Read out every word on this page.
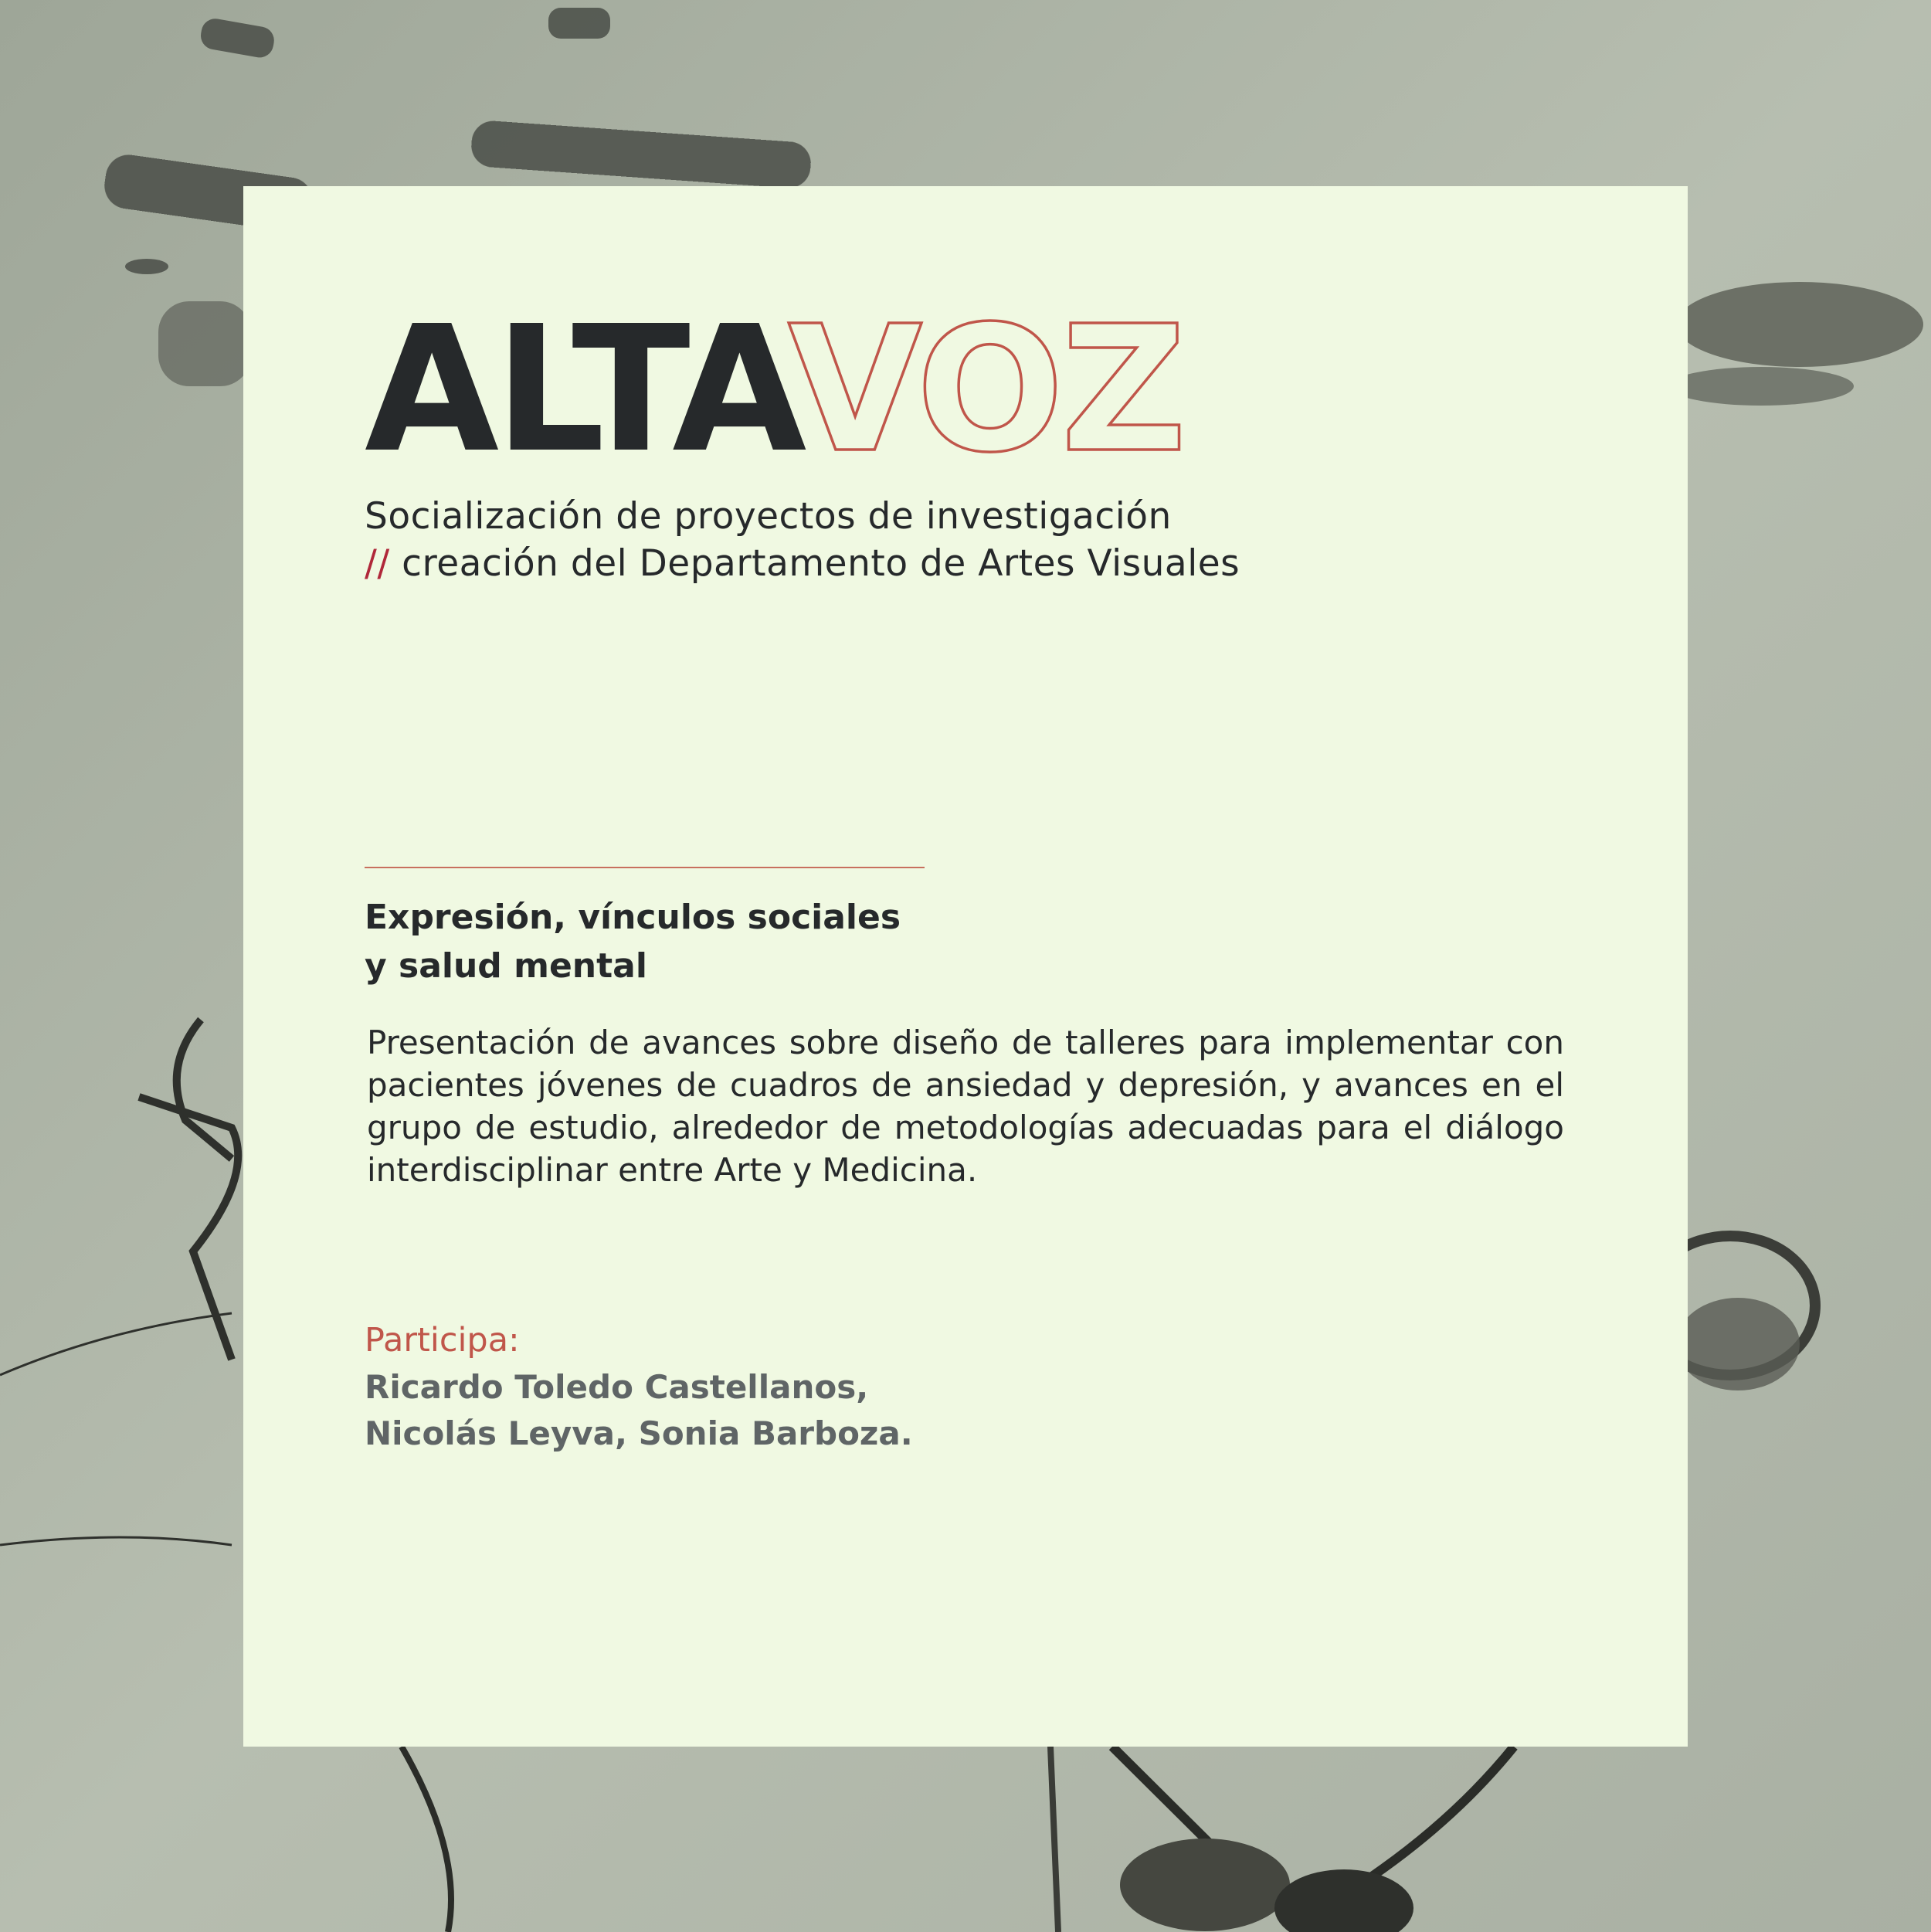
ALTA
VOZ
Socialización de proyectos de investigación
// creación del Departamento de Artes Visuales
Expresión, vínculos sociales
y salud mental
Presentación de avances sobre diseño de talleres para implementar con pacientes jóvenes de cuadros de ansiedad y depresión, y avances en el grupo de estudio, alrededor de metodologías adecuadas para el diálogo interdisciplinar entre Arte y Medicina.
Participa:
Ricardo Toledo Castellanos,
Nicolás Leyva, Sonia Barboza.
